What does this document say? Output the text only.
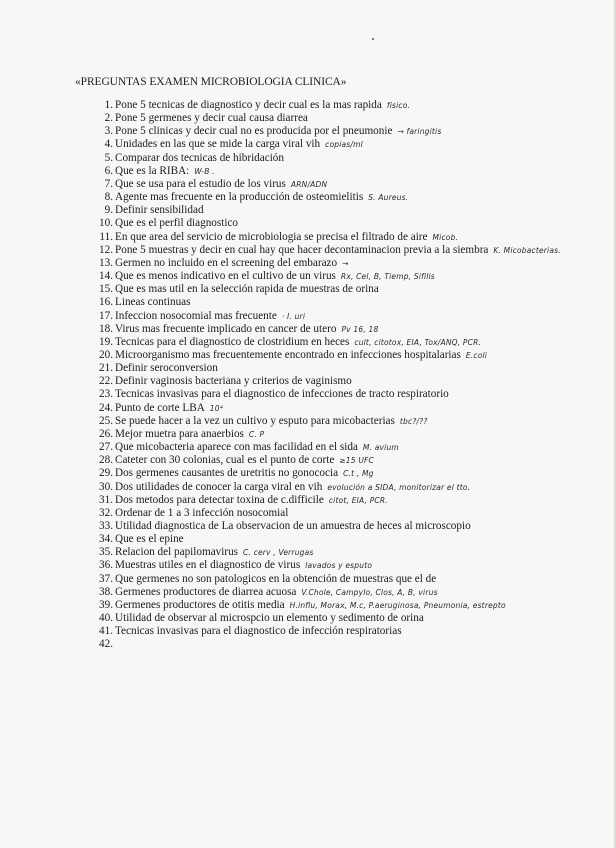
«PREGUNTAS EXAMEN MICROBIOLOGIA CLINICA»
1. Pone 5 tecnicas de diagnostico y decir cual es la mas rapida fisico.
2. Pone 5 germenes y decir cual causa diarrea
3. Pone 5 clinicas y decir cual no es producida por el pneumonie → faringitis
4. Unidades en las que se mide la carga viral vih copias/ml
5. Comparar dos tecnicas de hibridación
6. Que es la RIBA: W-B .
7. Que se usa para el estudio de los virus ARN/ADN
8. Agente mas frecuente en la producción de osteomielitis S. Aureus.
9. Definir sensibilidad
10. Que es el perfil diagnostico
11. En que area del servicio de microbiologia se precisa el filtrado de aire Micob.
12. Pone 5 muestras y decir en cual hay que hacer decontaminacion previa a la siembra K. Micobacterias.
13. Germen no incluido en el screening del embarazo →
14. Que es menos indicativo en el cultivo de un virus Rx, Cel, B, Tiemp, Sifilis
15. Que es mas util en la selección rapida de muestras de orina
16. Lineas continuas
17. Infeccion nosocomial mas frecuente · I. uri
18. Virus mas frecuente implicado en cancer de utero Pv 16, 18
19. Tecnicas para el diagnostico de clostridium en heces cult, citotox, EIA, Tox/ANQ, PCR.
20. Microorganismo mas frecuentemente encontrado en infecciones hospitalarias E.coli
21. Definir seroconversion
22. Definir vaginosis bacteriana y criterios de vaginismo
23. Tecnicas invasivas para el diagnostico de infecciones de tracto respiratorio
24. Punto de corte LBA 10⁴
25. Se puede hacer a la vez un cultivo y esputo para micobacterias tbc?/??
26. Mejor muetra para anaerbios C. P
27. Que micobacteria aparece con mas facilidad en el sida M. avium
28. Cateter con 30 colonias, cual es el punto de corte ≥15 UFC
29. Dos germenes causantes de uretritis no gonococia C.t , Mg
30. Dos utilidades de conocer la carga viral en vih evolución a SIDA, monitorizar el tto.
31. Dos metodos para detectar toxina de c.difficile citot, EIA, PCR.
32. Ordenar de 1 a 3 infección nosocomial
33. Utilidad diagnostica de La observacion de un amuestra de heces al microscopio
34. Que es el epine
35. Relacion del papilomavirus C. cerv , Verrugas
36. Muestras utiles en el diagnostico de virus lavados y esputo
37. Que germenes no son patologicos en la obtención de muestras que el de
38. Germenes productores de diarrea acuosa V.Chole, Campylo, Clos, A, B, virus
39. Germenes productores de otitis media H.influ, Morax, M.c, P.aeruginosa, Pneumonia, estrepto
40. Utilidad de observar al microspcio un elemento y sedimento de orina
41. Tecnicas invasivas para el diagnostico de infección respiratorias
42.
